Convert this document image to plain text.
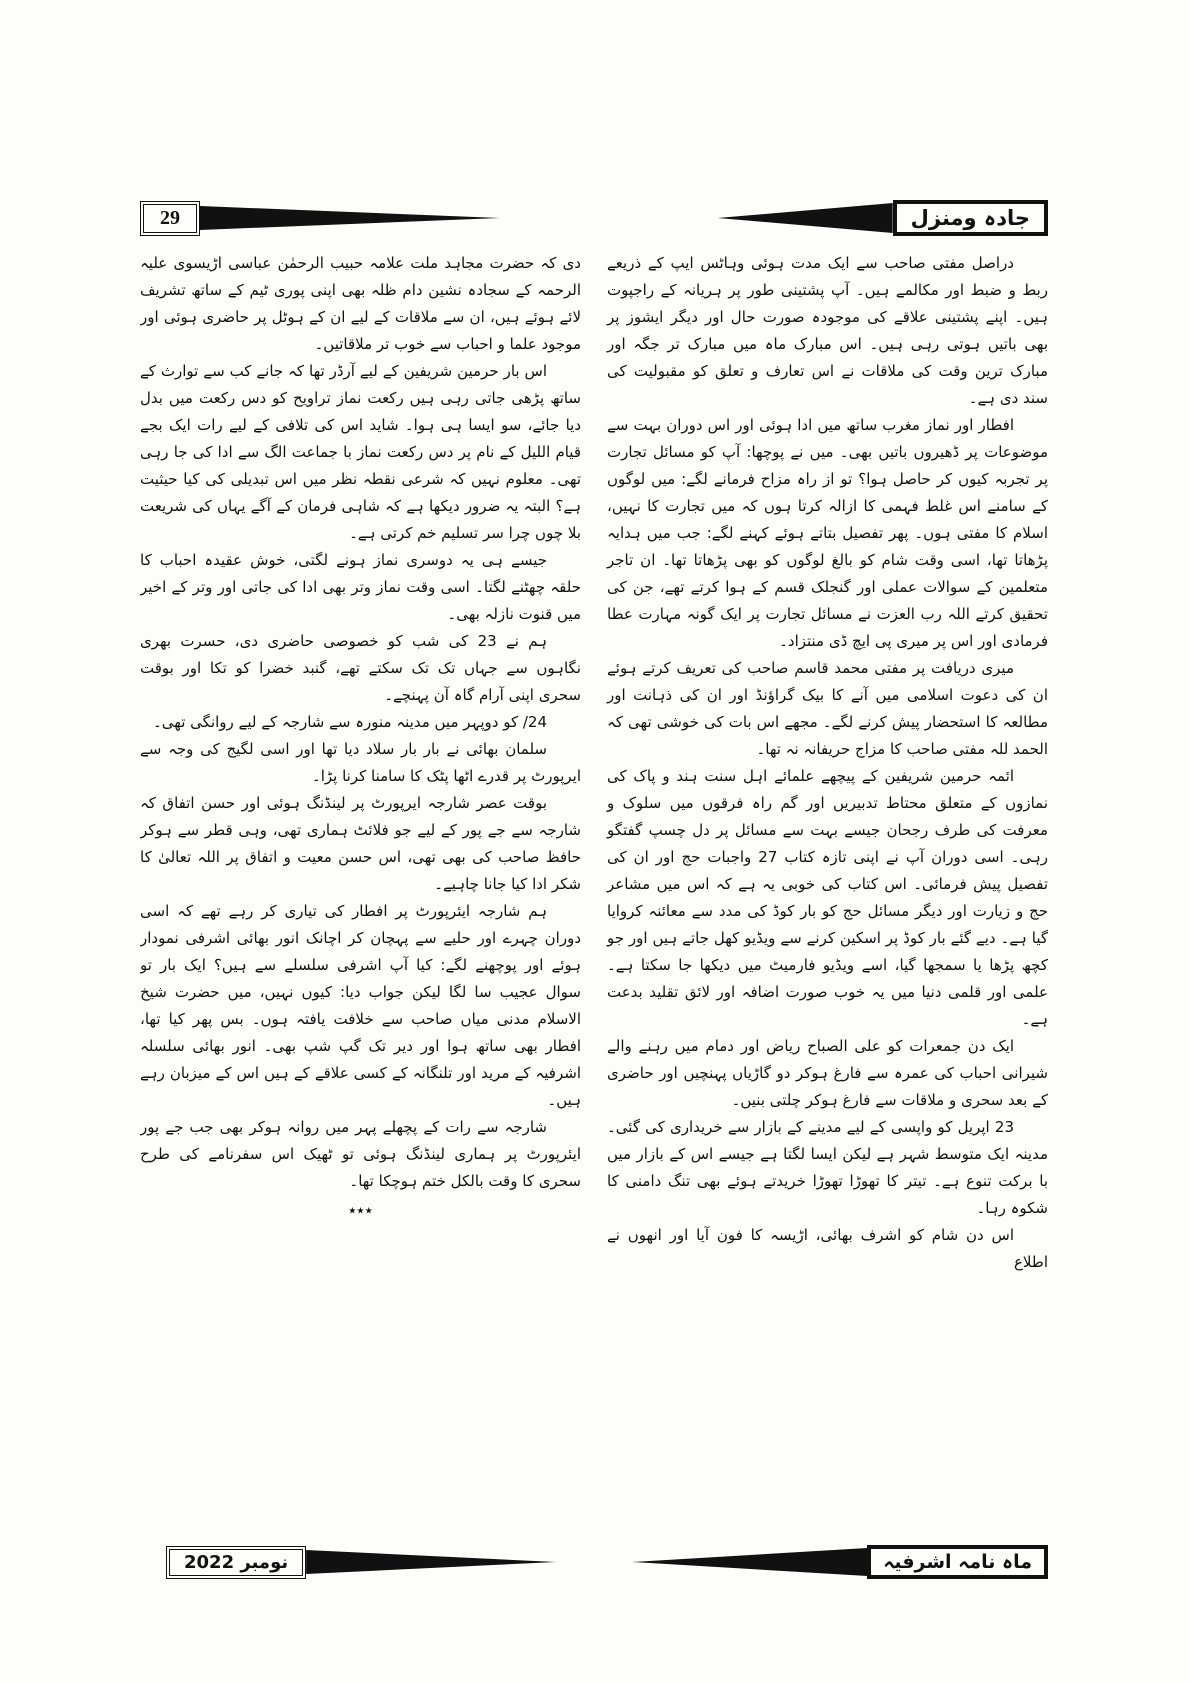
29	جادہ ومنزل

دراصل مفتی صاحب سے ایک مدت ہوئی وہاٹس ایپ کے ذریعے ربط و ضبط اور مکالمے ہیں۔ آپ پشتینی طور پر ہریانہ کے راجپوت ہیں۔ اپنے پشتینی علاقے کی موجودہ صورت حال اور دیگر ایشوز پر بھی باتیں ہوتی رہی ہیں۔ اس مبارک ماہ میں مبارک تر جگہ اور مبارک ترین وقت کی ملاقات نے اس تعارف و تعلق کو مقبولیت کی سند دی ہے۔

افطار اور نماز مغرب ساتھ میں ادا ہوئی اور اس دوران بہت سے موضوعات پر ڈھیروں باتیں بھی۔ میں نے پوچھا: آپ کو مسائل تجارت پر تجربہ کیوں کر حاصل ہوا؟ تو از راہ مزاح فرمانے لگے: میں لوگوں کے سامنے اس غلط فہمی کا ازالہ کرتا ہوں کہ میں تجارت کا نہیں، اسلام کا مفتی ہوں۔ پھر تفصیل بتاتے ہوئے کہنے لگے: جب میں ہدایہ پڑھاتا تھا، اسی وقت شام کو بالغ لوگوں کو بھی پڑھاتا تھا۔ ان تاجر متعلمین کے سوالات عملی اور گنجلک قسم کے ہوا کرتے تھے، جن کی تحقیق کرتے اللہ رب العزت نے مسائل تجارت پر ایک گونہ مہارت عطا فرمادی اور اس پر میری پی ایچ ڈی منتزاد۔

میری دریافت پر مفتی محمد قاسم صاحب کی تعریف کرتے ہوئے ان کی دعوت اسلامی میں آنے کا بیک گراؤنڈ اور ان کی ذہانت اور مطالعہ کا استحضار پیش کرنے لگے۔ مجھے اس بات کی خوشی تھی کہ الحمد للہ مفتی صاحب کا مزاج حریفانہ نہ تھا۔

ائمہ حرمین شریفین کے پیچھے علمائے اہل سنت ہند و پاک کی نمازوں کے متعلق محتاط تدبیریں اور گم راہ فرقوں میں سلوک و معرفت کی طرف رجحان جیسے بہت سے مسائل پر دل چسپ گفتگو رہی۔ اسی دوران آپ نے اپنی تازہ کتاب 27 واجبات حج اور ان کی تفصیل پیش فرمائی۔ اس کتاب کی خوبی یہ ہے کہ اس میں مشاعر حج و زیارت اور دیگر مسائل حج کو بار کوڈ کی مدد سے معائنہ کروایا گیا ہے۔ دیے گئے بار کوڈ پر اسکین کرنے سے ویڈیو کھل جاتے ہیں اور جو کچھ پڑھا یا سمجھا گیا، اسے ویڈیو فارمیٹ میں دیکھا جا سکتا ہے۔ علمی اور قلمی دنیا میں یہ خوب صورت اضافہ اور لائق تقلید بدعت ہے۔

ایک دن جمعرات کو علی الصباح ریاض اور دمام میں رہنے والے شیرانی احباب کی عمرہ سے فارغ ہوکر دو گاڑیاں پہنچیں اور حاضری کے بعد سحری و ملاقات سے فارغ ہوکر چلتی بنیں۔

23 اپریل کو واپسی کے لیے مدینے کے بازار سے خریداری کی گئی۔ مدینہ ایک متوسط شہر ہے لیکن ایسا لگتا ہے جیسے اس کے بازار میں با برکت تنوع ہے۔ تیتر کا تھوڑا تھوڑا خریدتے ہوئے بھی تنگ دامنی کا شکوہ رہا۔

اس دن شام کو اشرف بھائی، اڑیسہ کا فون آیا اور انھوں نے اطلاع

دی کہ حضرت مجاہد ملت علامہ حبیب الرحمٰن عباسی اڑیسوی علیہ الرحمہ کے سجادہ نشین دام ظلہ بھی اپنی پوری ٹیم کے ساتھ تشریف لائے ہوئے ہیں، ان سے ملاقات کے لیے ان کے ہوٹل پر حاضری ہوئی اور موجود علما و احباب سے خوب تر ملاقاتیں۔

اس بار حرمین شریفین کے لیے آرڈر تھا کہ جانے کب سے توارث کے ساتھ پڑھی جاتی رہی ہیں رکعت نماز تراویح کو دس رکعت میں بدل دیا جائے، سو ایسا ہی ہوا۔ شاید اس کی تلافی کے لیے رات ایک بجے قیام اللیل کے نام پر دس رکعت نماز با جماعت الگ سے ادا کی جا رہی تھی۔ معلوم نہیں کہ شرعی نقطہ نظر میں اس تبدیلی کی کیا حیثیت ہے؟ البتہ یہ ضرور دیکھا ہے کہ شاہی فرمان کے آگے یہاں کی شریعت بلا چوں چرا سر تسلیم خم کرتی ہے۔

جیسے ہی یہ دوسری نماز ہونے لگتی، خوش عقیدہ احباب کا حلقہ چھٹنے لگتا۔ اسی وقت نماز وتر بھی ادا کی جاتی اور وتر کے اخیر میں قنوت نازلہ بھی۔

ہم نے 23 کی شب کو خصوصی حاضری دی، حسرت بھری نگاہوں سے جہاں تک تک سکتے تھے، گنبد خضرا کو تکا اور بوقت سحری اپنی آرام گاہ آن پہنچے۔

24/ کو دوپہر میں مدینہ منورہ سے شارجہ کے لیے روانگی تھی۔

سلمان بھائی نے بار بار سلاد دیا تھا اور اسی لگیج کی وجہ سے ایرپورٹ پر قدرے اٹھا پٹک کا سامنا کرنا پڑا۔

بوقت عصر شارجہ ایرپورٹ پر لینڈنگ ہوئی اور حسن اتفاق کہ شارجہ سے جے پور کے لیے جو فلائٹ ہماری تھی، وہی قطر سے ہوکر حافظ صاحب کی بھی تھی، اس حسن معیت و اتفاق پر اللہ تعالیٰ کا شکر ادا کیا جانا چاہیے۔

ہم شارجہ ایئرپورٹ پر افطار کی تیاری کر رہے تھے کہ اسی دوران چہرے اور حلیے سے پہچان کر اچانک انور بھائی اشرفی نمودار ہوئے اور پوچھنے لگے: کیا آپ اشرفی سلسلے سے ہیں؟ ایک بار تو سوال عجیب سا لگا لیکن جواب دیا: کیوں نہیں، میں حضرت شیخ الاسلام مدنی میاں صاحب سے خلافت یافتہ ہوں۔ بس پھر کیا تھا، افطار بھی ساتھ ہوا اور دیر تک گپ شپ بھی۔ انور بھائی سلسلہ اشرفیہ کے مرید اور تلنگانہ کے کسی علاقے کے ہیں اس کے میزبان رہے ہیں۔

شارجہ سے رات کے پچھلے پہر میں روانہ ہوکر بھی جب جے پور ایئرپورٹ پر ہماری لینڈنگ ہوئی تو ٹھیک اس سفرنامے کی طرح سحری کا وقت بالکل ختم ہوچکا تھا۔

٭٭٭

نومبر 2022	ماہ نامہ اشرفیہ
